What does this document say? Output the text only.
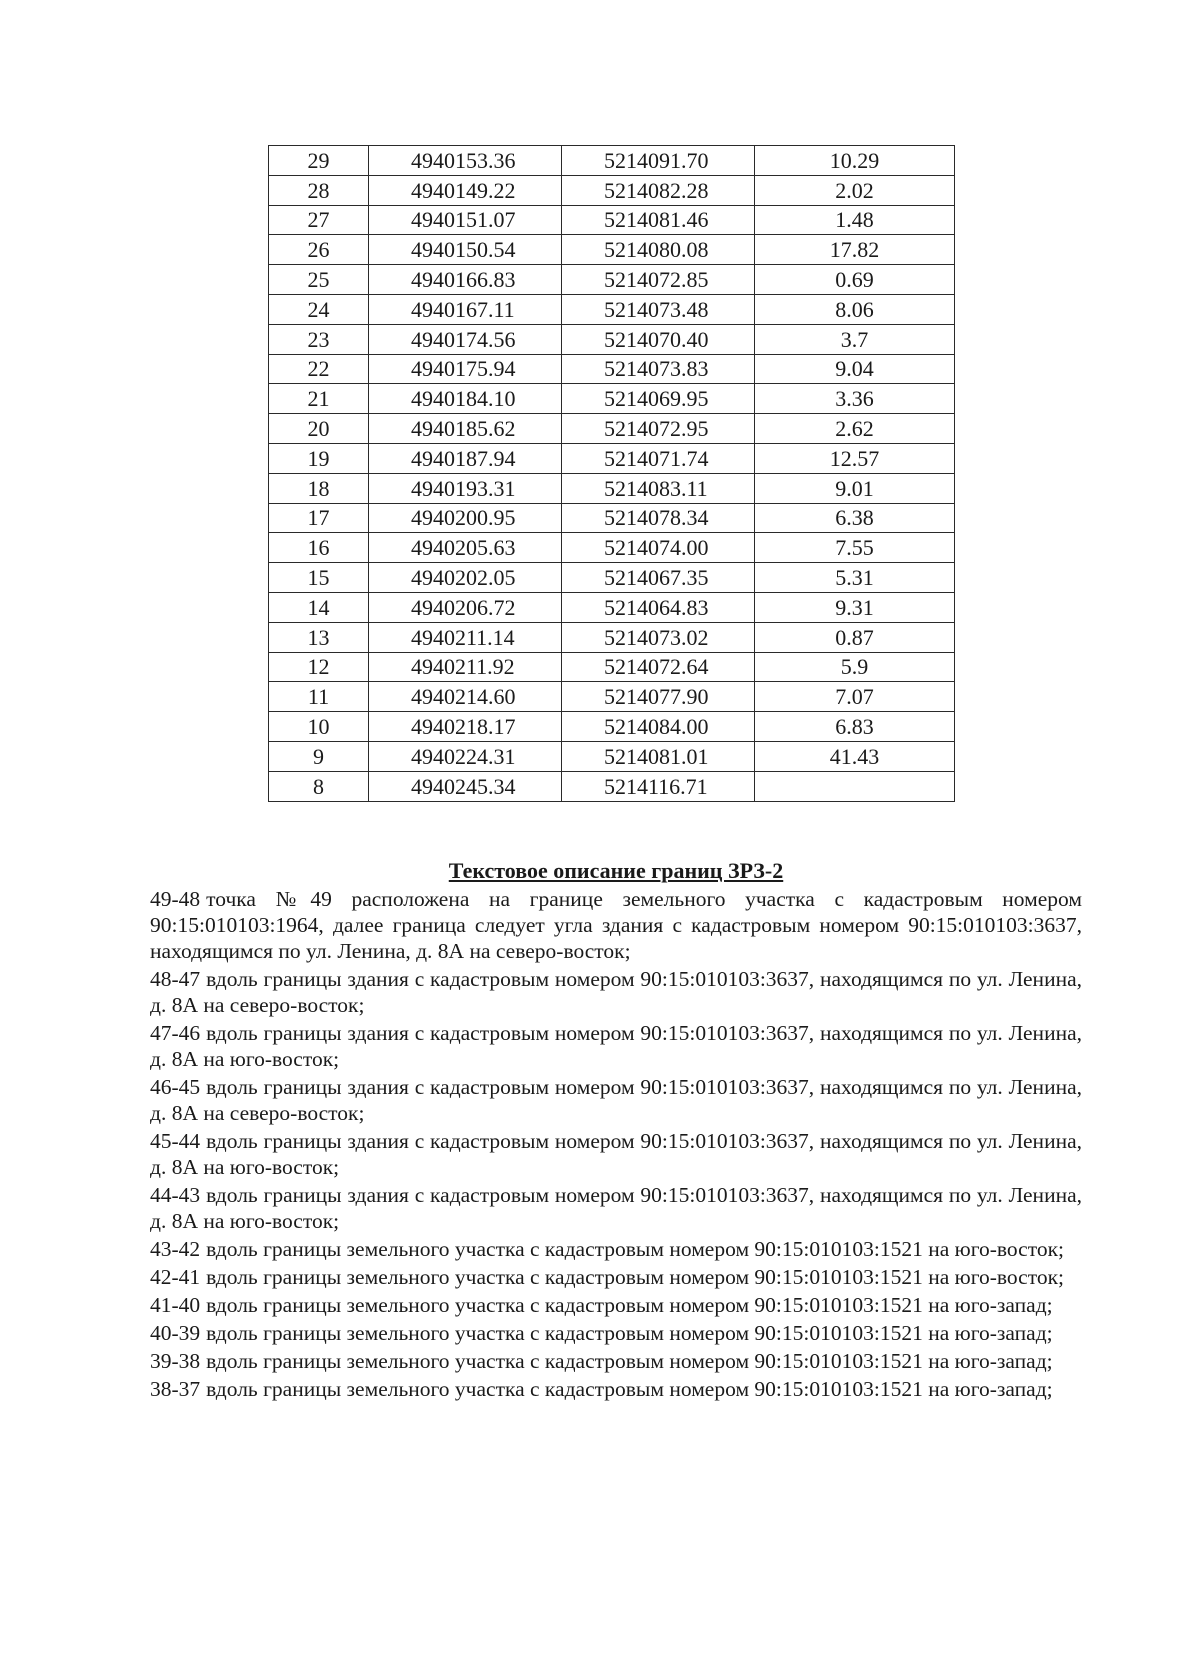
29	4940153.36	5214091.70	10.29
28	4940149.22	5214082.28	2.02
27	4940151.07	5214081.46	1.48
26	4940150.54	5214080.08	17.82
25	4940166.83	5214072.85	0.69
24	4940167.11	5214073.48	8.06
23	4940174.56	5214070.40	3.7
22	4940175.94	5214073.83	9.04
21	4940184.10	5214069.95	3.36
20	4940185.62	5214072.95	2.62
19	4940187.94	5214071.74	12.57
18	4940193.31	5214083.11	9.01
17	4940200.95	5214078.34	6.38
16	4940205.63	5214074.00	7.55
15	4940202.05	5214067.35	5.31
14	4940206.72	5214064.83	9.31
13	4940211.14	5214073.02	0.87
12	4940211.92	5214072.64	5.9
11	4940214.60	5214077.90	7.07
10	4940218.17	5214084.00	6.83
9	4940224.31	5214081.01	41.43
8	4940245.34	5214116.71	
Текстовое описание границ ЗРЗ-2
49-48 точка №49 расположена на границе земельного участка с кадастровым номером 90:15:010103:1964, далее граница следует угла здания с кадастровым номером 90:15:010103:3637, находящимся по ул. Ленина, д. 8А на северо-восток;
48-47 вдоль границы здания с кадастровым номером 90:15:010103:3637, находящимся по ул. Ленина, д. 8А на северо-восток;
47-46 вдоль границы здания с кадастровым номером 90:15:010103:3637, находящимся по ул. Ленина, д. 8А на юго-восток;
46-45 вдоль границы здания с кадастровым номером 90:15:010103:3637, находящимся по ул. Ленина, д. 8А на северо-восток;
45-44 вдоль границы здания с кадастровым номером 90:15:010103:3637, находящимся по ул. Ленина, д. 8А на юго-восток;
44-43 вдоль границы здания с кадастровым номером 90:15:010103:3637, находящимся по ул. Ленина, д. 8А на юго-восток;
43-42 вдоль границы земельного участка с кадастровым номером 90:15:010103:1521 на юго-восток;
42-41 вдоль границы земельного участка с кадастровым номером 90:15:010103:1521 на юго-восток;
41-40 вдоль границы земельного участка с кадастровым номером 90:15:010103:1521 на юго-запад;
40-39 вдоль границы земельного участка с кадастровым номером 90:15:010103:1521 на юго-запад;
39-38 вдоль границы земельного участка с кадастровым номером 90:15:010103:1521 на юго-запад;
38-37 вдоль границы земельного участка с кадастровым номером 90:15:010103:1521 на юго-запад;
